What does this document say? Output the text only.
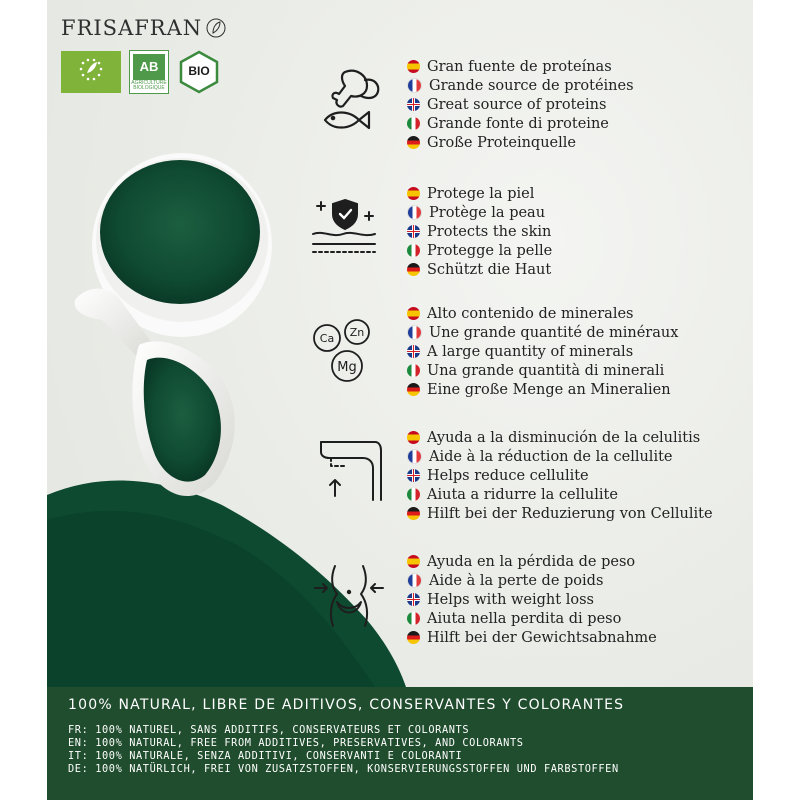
FRISAFRAN
AB
AGRICULTURE BIOLOGIQUE
BIO	Gran fuente de proteínas
Grande source de protéines
Great source of proteins
Grande fonte di proteine
Große Proteinquelle
Protege la piel
Protège la peau
Protects the skin
Protegge la pelle
Schützt die Haut
Ca Zn
Mg
Alto contenido de minerales
Une grande quantité de minéraux
A large quantity of minerals
Una grande quantità di minerali
Eine große Menge an Mineralien
Ayuda a la disminución de la celulitis
Aide à la réduction de la cellulite
Helps reduce cellulite
Aiuta a ridurre la cellulite
Hilft bei der Reduzierung von Cellulite
Ayuda en la pérdida de peso
Aide à la perte de poids
Helps with weight loss
Aiuta nella perdita di peso
Hilft bei der Gewichtsabnahme
100% NATURAL, LIBRE DE ADITIVOS, CONSERVANTES Y COLORANTES
FR: 100% NATUREL, SANS ADDITIFS, CONSERVATEURS ET COLORANTS
EN: 100% NATURAL, FREE FROM ADDITIVES, PRESERVATIVES, AND COLORANTS
IT: 100% NATURALE, SENZA ADDITIVI, CONSERVANTI E COLORANTI
DE: 100% NATÜRLICH, FREI VON ZUSATZSTOFFEN, KONSERVIERUNGSSTOFFEN UND FARBSTOFFEN
